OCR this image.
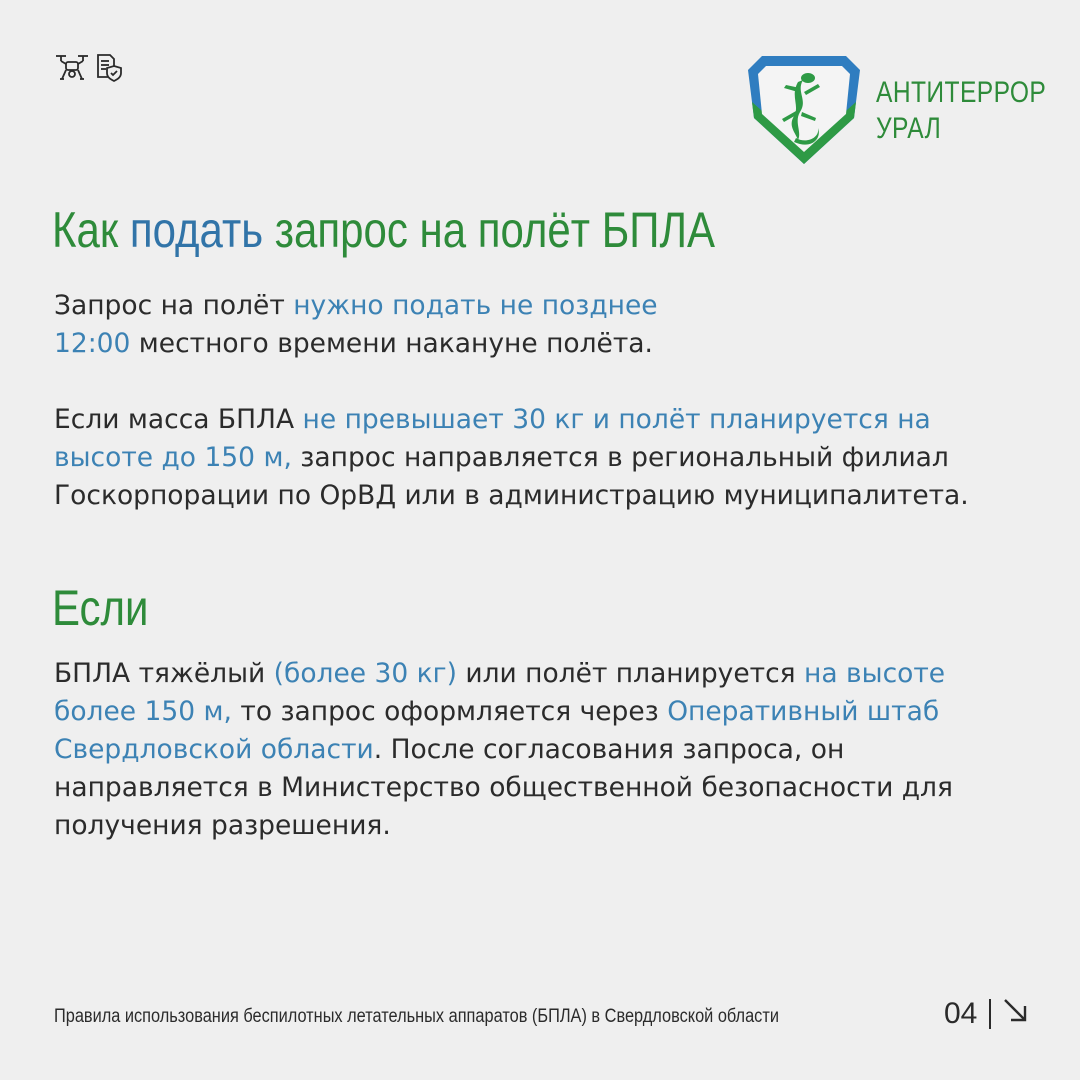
АНТИТЕРРОР
УРАЛ
Как подать запрос на полёт БПЛА
Запрос на полёт нужно подать не позднее
12:00 местного времени накануне полёта.
Если масса БПЛА не превышает 30 кг и полёт планируется на
высоте до 150 м, запрос направляется в региональный филиал
Госкорпорации по ОрВД или в администрацию муниципалитета.
Если
БПЛА тяжёлый (более 30 кг) или полёт планируется на высоте
более 150 м, то запрос оформляется через Оперативный штаб
Свердловской области. После согласования запроса, он
направляется в Министерство общественной безопасности для
получения разрешения.
Правила использования беспилотных летательных аппаратов (БПЛА) в Свердловской области	04
